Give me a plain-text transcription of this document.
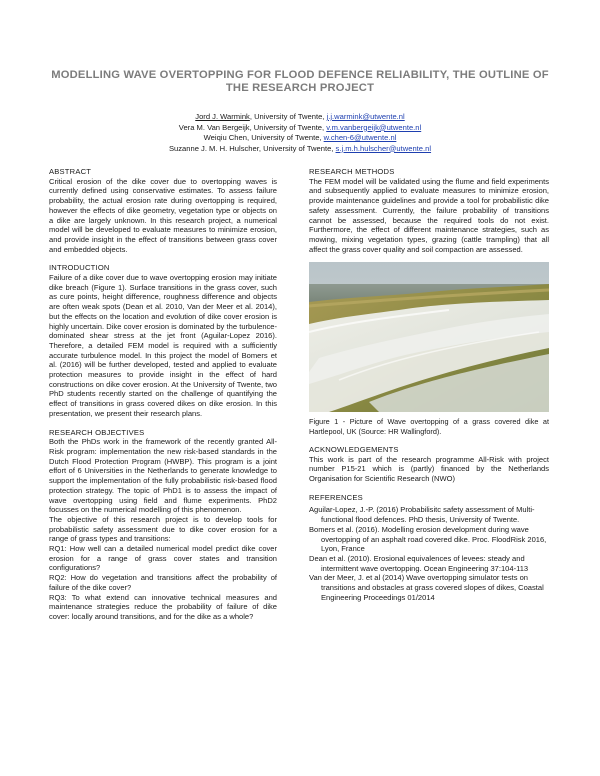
MODELLING WAVE OVERTOPPING FOR FLOOD DEFENCE RELIABILITY, THE OUTLINE OF THE RESEARCH PROJECT
Jord J. Warmink, University of Twente, j.j.warmink@utwente.nl
Vera M. Van Bergeijk, University of Twente, v.m.vanbergeijk@utwente.nl
Weiqiu Chen, University of Twente, w.chen-6@utwente.nl
Suzanne J. M. H. Hulscher, University of Twente, s.j.m.h.hulscher@utwente.nl
ABSTRACT

Critical erosion of the dike cover due to overtopping waves is currently defined using conservative estimates. To assess failure probability, the actual erosion rate during overtopping is required, however the effects of dike geometry, vegetation type or objects on a dike are largely unknown. In this research project, a numerical model will be developed to evaluate measures to minimize erosion, and provide insight in the effect of transitions between grass cover and embedded objects.

INTRODUCTION

Failure of a dike cover due to wave overtopping erosion may initiate dike breach (Figure 1). Surface transitions in the grass cover, such as cure points, height difference, roughness difference and objects are often weak spots (Dean et al. 2010, Van der Meer et al. 2014), but the effects on the location and evolution of dike cover erosion is highly uncertain. Dike cover erosion is dominated by the turbulence-dominated shear stress at the jet front (Aguilar-Lopez 2016). Therefore, a detailed FEM model is required with a sufficiently accurate turbulence model. In this project the model of Bomers et al. (2016) will be further developed, tested and applied to evaluate protection measures to provide insight in the effect of hard constructions on dike cover erosion. At the University of Twente, two PhD students recently started on the challenge of quantifying the effect of transitions in grass covered dikes on dike erosion. In this presentation, we present their research plans.

RESEARCH OBJECTIVES

Both the PhDs work in the framework of the recently granted All-Risk program: implementation the new risk-based standards in the Dutch Flood Protection Program (HWBP). This program is a joint effort of 6 Universities in the Netherlands to generate knowledge to support the implementation of the fully probabilistic risk-based flood protection strategy. The topic of PhD1 is to assess the impact of wave overtopping using field and flume experiments. PhD2 focusses on the numerical modelling of this phenomenon.

The objective of this research project is to develop tools for probabilistic safety assessment due to dike cover erosion for a range of grass types and transitions:

RQ1: How well can a detailed numerical model predict dike cover erosion for a range of grass cover states and transition configurations?

RQ2: How do vegetation and transitions affect the probability of failure of the dike cover?

RQ3: To what extend can innovative technical measures and maintenance strategies reduce the probability of failure of dike cover: locally around transitions, and for the dike as a whole?

RESEARCH METHODS

The FEM model will be validated using the flume and field experiments and subsequently applied to evaluate measures to minimize erosion, provide maintenance guidelines and provide a tool for probabilistic dike safety assessment. Currently, the failure probability of transitions cannot be assessed, because the required tools do not exist. Furthermore, the effect of different maintenance strategies, such as mowing, mixing vegetation types, grazing (cattle trampling) that all affect the grass cover quality and soil compaction are assessed.

Figure 1 - Picture of Wave overtopping of a grass covered dike at Hartlepool, UK (Source: HR Wallingford).
ACKNOWLEDGEMENTS

This work is part of the research programme All-Risk with project number P15-21 which is (partly) financed by the Netherlands Organisation for Scientific Research (NWO)

REFERENCES

Aguilar-Lopez, J.-P. (2016) Probabilisitc safety assessment of Multi-functional flood defences. PhD thesis, University of Twente.

Bomers et al. (2016). Modelling erosion development during wave overtopping of an asphalt road covered dike. Proc. FloodRisk 2016, Lyon, France

Dean et al. (2010). Erosional equivalences of levees: steady and intermittent wave overtopping. Ocean Engineering 37:104-113

Van der Meer, J. et al (2014) Wave overtopping simulator tests on transitions and obstacles at grass covered slopes of dikes, Coastal Engineering Proceedings 01/2014
